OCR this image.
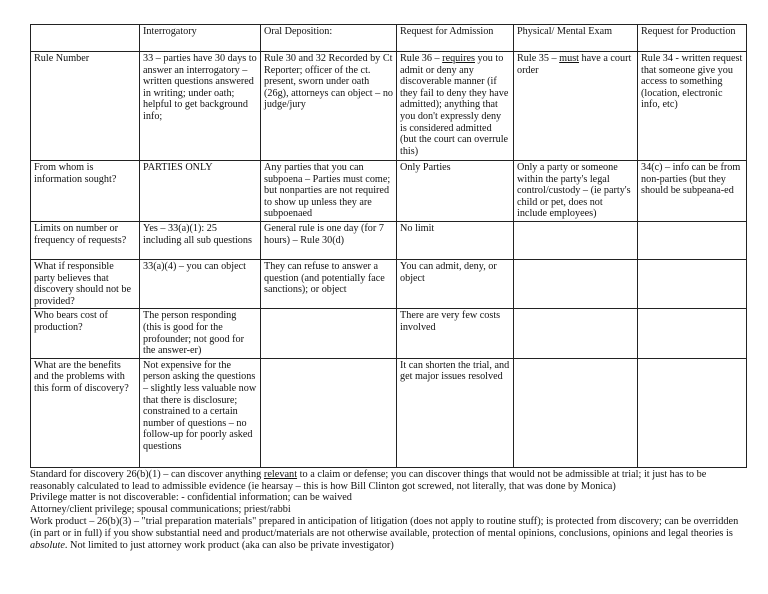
	Interrogatory	Oral Deposition:	Request for Admission	Physical/ Mental Exam	Request for Production
Rule Number	33 – parties have 30 days to answer an interrogatory – written questions answered in writing; under oath; helpful to get background info;	Rule 30 and 32 Recorded by Ct Reporter; officer of the ct. present, sworn under oath (26g), attorneys can object – no judge/jury	Rule 36 – requires you to admit or deny any discoverable manner (if they fail to deny they have admitted); anything that you don't expressly deny is considered admitted (but the court can overrule this)	Rule 35 – must have a court order	Rule 34 - written request that someone give you access to something (location, electronic info, etc)
From whom is information sought?	PARTIES ONLY	Any parties that you can subpoena – Parties must come; but nonparties are not required to show up unless they are subpoenaed	Only Parties	Only a party or someone within the party's legal control/custody – (ie party's child or pet, does not include employees)	34(c) – info can be from non-parties (but they should be subpeana-ed
Limits on number or frequency of requests?	Yes – 33(a)(1): 25 including all sub questions	General rule is one day (for 7 hours) – Rule 30(d)	No limit		
What if responsible party believes that discovery should not be provided?	33(a)(4) – you can object	They can refuse to answer a question (and potentially face sanctions); or object	You can admit, deny, or object		
Who bears cost of production?	The person responding (this is good for the profounder; not good for the answer-er)		There are very few costs involved		
What are the benefits and the problems with this form of discovery?	Not expensive for the person asking the questions – slightly less valuable now that there is disclosure; constrained to a certain number of questions – no follow-up for poorly asked questions		It can shorten the trial, and get major issues resolved		

Standard for discovery 26(b)(1) – can discover anything relevant to a claim or defense; you can discover things that would not be admissible at trial; it just has to be reasonably calculated to lead to admissible evidence (ie hearsay – this is how Bill Clinton got screwed, not literally, that was done by Monica)

Privilege matter is not discoverable: - confidential information; can be waived

Attorney/client privilege; spousal communications; priest/rabbi

Work product – 26(b)(3) – "trial preparation materials" prepared in anticipation of litigation (does not apply to routine stuff); is protected from discovery; can be overridden (in part or in full) if you show substantial need and product/materials are not otherwise available, protection of mental opinions, conclusions, opinions and legal theories is absolute. Not limited to just attorney work product (aka can also be private investigator)
